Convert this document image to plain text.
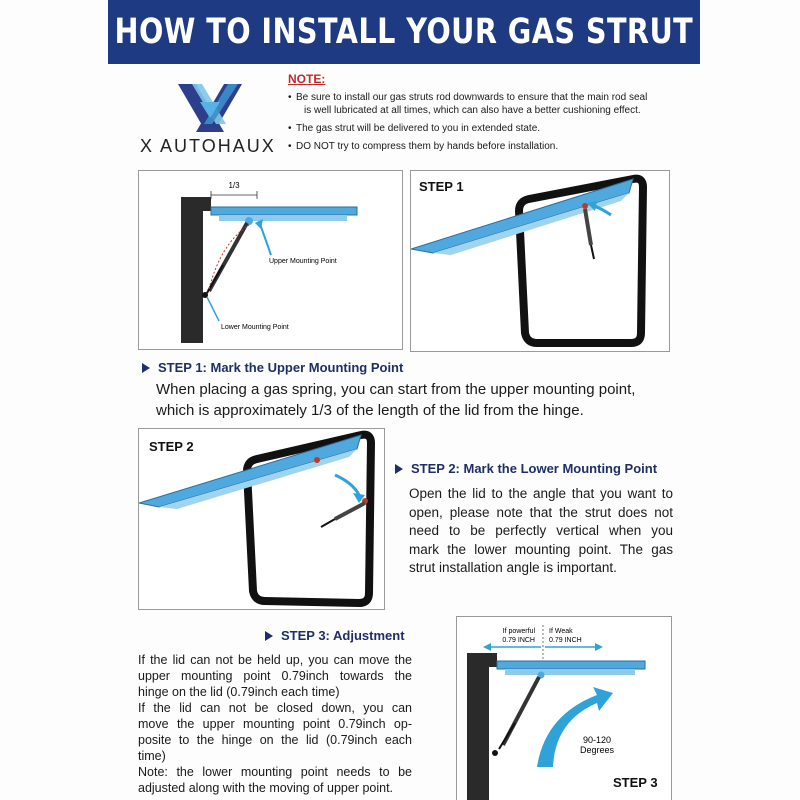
HOW TO INSTALL YOUR GAS STRUT
X AUTOHAUX
NOTE:
• Be sure to install our gas struts rod downwards to ensure that the main rod seal
is well lubricated at all times, which can also have a better cushioning effect.
• The gas strut will be delivered to you in extended state.
• DO NOT try to compress them by hands before installation.
1/3
Upper Mounting Point
Lower Mounting Point
STEP 1
STEP 1: Mark the Upper Mounting Point
When placing a gas spring, you can start from the upper mounting point,
which is approximately 1/3 of the length of the lid from the hinge.
STEP 2
STEP 2: Mark the Lower Mounting Point
Open the lid to the angle that you want to
open, please note that the strut does not
need to be perfectly vertical when you
mark the lower mounting point. The gas
strut installation angle is important.
STEP 3: Adjustment
If the lid can not be held up, you can move the
upper mounting point 0.79inch towards the
hinge on the lid (0.79inch each time)
If the lid can not be closed down, you can
move the upper mounting point 0.79inch op-
posite to the hinge on the lid (0.79inch each
time)
Note: the lower mounting point needs to be
adjusted along with the moving of upper point.
If powerful
0.79 INCH
If Weak
0.79 INCH
90-120
Degrees
STEP 3
